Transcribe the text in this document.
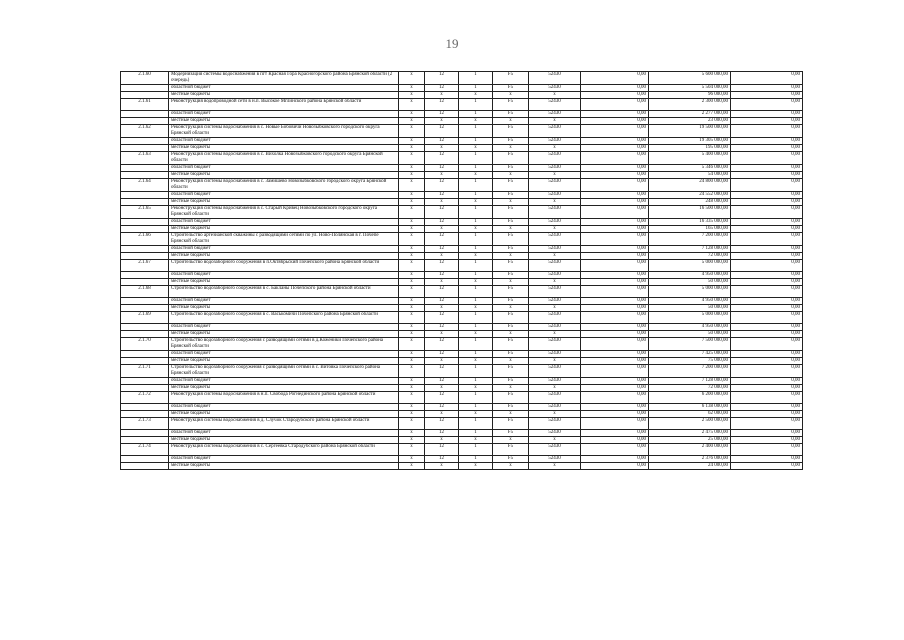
19
2.1.60	Модернизация системы водоснабжения в пгт Красная Гора Красногорского района Брянской области (2 очередь)	х	12	1	F5	52430	0,00	5 600 000,00	0,00
	областной бюджет	х	12	1	F5	52430	0,00	5 504 000,00	0,00
	местные бюджеты	х	х	х	х	х	0,00	96 000,00	0,00
2.1.61	Реконструкция водопроводной сети в н.п. Высокое Мглинского района Брянской области	х	12	1	F5	52430	0,00	2 300 000,00	0,00
	областной бюджет	х	12	1	F5	52430	0,00	2 277 000,00	0,00
	местные бюджеты	х	х	х	х	х	0,00	23 000,00	0,00
2.1.62	Реконструкция системы водоснабжения в с. Новые Бобовичи Новозыбковского городского округа Брянской области	х	12	1	F5	52430	0,00	19 500 000,00	0,00
	областной бюджет	х	12	1	F5	52430	0,00	19 305 000,00	0,00
	местные бюджеты	х	х	х	х	х	0,00	195 000,00	0,00
2.1.63	Реконструкция системы водоснабжения в с. Вихолка Новозыбковского городского округа Брянской области	х	12	1	F5	52430	0,00	5 400 000,00	0,00
	областной бюджет	х	12	1	F5	52430	0,00	5 346 000,00	0,00
	местные бюджеты	х	х	х	х	х	0,00	54 000,00	0,00
2.1.64	Реконструкция системы водоснабжения в с. Замишево Новозыбковского городского округа Брянской области	х	12	1	F5	52430	0,00	24 800 000,00	0,00
	областной бюджет	х	12	1	F5	52430	0,00	24 552 000,00	0,00
	местные бюджеты	х	х	х	х	х	0,00	248 000,00	0,00
2.1.65	Реконструкция системы водоснабжения в с. Старый Кривец Новозыбковского городского округа Брянской области	х	12	1	F5	52430	0,00	16 500 000,00	0,00
	областной бюджет	х	12	1	F5	52430	0,00	16 335 000,00	0,00
	местные бюджеты	х	х	х	х	х	0,00	165 000,00	0,00
2.1.66	Строительство артезианской скважины с разводящими сетями по ул. Ново-Полянская в г. Почепе Брянской области	х	12	1	F5	52430	0,00	7 200 000,00	0,00
	областной бюджет	х	12	1	F5	52430	0,00	7 128 000,00	0,00
	местные бюджеты	х	х	х	х	х	0,00	72 000,00	0,00
2.1.67	Строительство водозаборного сооружения в п.Октябрьский Почепского района Брянской области	х	12	1	F5	52430	0,00	5 000 000,00	0,00
	областной бюджет	х	12	1	F5	52430	0,00	4 950 000,00	0,00
	местные бюджеты	х	х	х	х	х	0,00	50 000,00	0,00
2.1.68	Строительство водозаборного сооружения в с. Бакланы Почепского района Брянской области	х	12	1	F5	52430	0,00	5 000 000,00	0,00
	областной бюджет	х	12	1	F5	52430	0,00	4 950 000,00	0,00
	местные бюджеты	х	х	х	х	х	0,00	50 000,00	0,00
2.1.69	Строительство водозаборного сооружения в с. Васькомичи Почепского района Брянской области	х	12	1	F5	52430	0,00	5 000 000,00	0,00
	областной бюджет	х	12	1	F5	52430	0,00	4 950 000,00	0,00
	местные бюджеты	х	х	х	х	х	0,00	50 000,00	0,00
2.1.70	Строительство водозаборного сооружения с разводящими сетями в д.Коженики Почепского района Брянской области	х	12	1	F5	52430	0,00	7 500 000,00	0,00
	областной бюджет	х	12	1	F5	52430	0,00	7 425 000,00	0,00
	местные бюджеты	х	х	х	х	х	0,00	75 000,00	0,00
2.1.71	Строительство водозаборного сооружения с разводящими сетями в с. Витовка Почепского района Брянской области	х	12	1	F5	52430	0,00	7 200 000,00	0,00
	областной бюджет	х	12	1	F5	52430	0,00	7 128 000,00	0,00
	местные бюджеты	х	х	х	х	х	0,00	72 000,00	0,00
2.1.72	Реконструкция системы водоснабжения в н.п. Свобода Рогнединского района Брянской области	х	12	1	F5	52430	0,00	6 200 000,00	0,00
	областной бюджет	х	12	1	F5	52430	0,00	6 138 000,00	0,00
	местные бюджеты	х	х	х	х	х	0,00	62 000,00	0,00
2.1.73	Реконструкция системы водоснабжения в д. Случок Стародубского района Брянской области	х	12	1	F5	52430	0,00	2 500 000,00	0,00
	областной бюджет	х	12	1	F5	52430	0,00	2 475 000,00	0,00
	местные бюджеты	х	х	х	х	х	0,00	25 000,00	0,00
2.1.74	Реконструкция системы водоснабжения в с. Сергеевка Стародубского района Брянской области	х	12	1	F5	52430	0,00	2 400 000,00	0,00
	областной бюджет	х	12	1	F5	52430	0,00	2 376 000,00	0,00
	местные бюджеты	х	х	х	х	х	0,00	24 000,00	0,00
